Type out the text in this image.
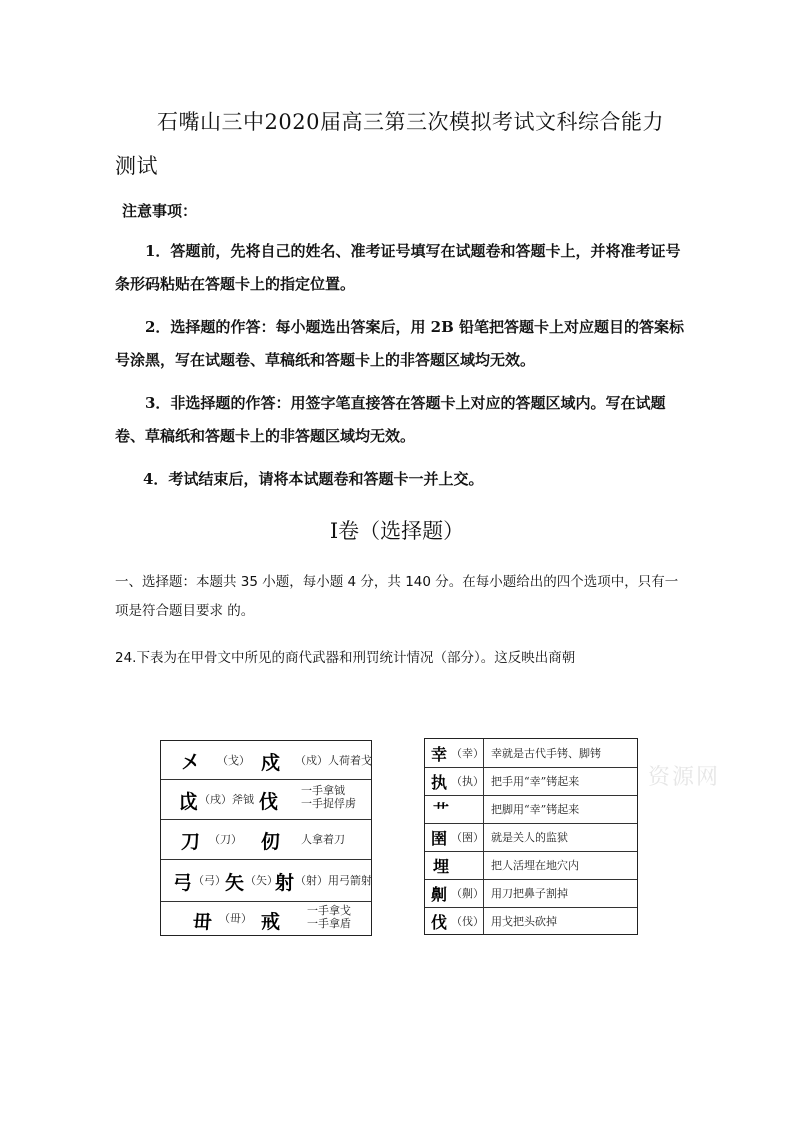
石嘴山三中2020届高三第三次模拟考试文科综合能力测试
注意事项：
1．答题前，先将自己的姓名、准考证号填写在试题卷和答题卡上，并将准考证号条形码粘贴在答题卡上的指定位置。
2．选择题的作答：每小题选出答案后，用 2B 铅笔把答题卡上对应题目的答案标号涂黑，写在试题卷、草稿纸和答题卡上的非答题区域均无效。
3．非选择题的作答：用签字笔直接答在答题卡上对应的答题区域内。写在试题卷、草稿纸和答题卡上的非答题区域均无效。
4．考试结束后，请将本试题卷和答题卡一并上交。
Ⅰ卷（选择题）
一、选择题：本题共 35 小题，每小题 4 分，共 140 分。在每小题给出的四个选项中，只有一项是符合题目要求 的。
24.下表为在甲骨文中所见的商代武器和刑罚统计情况（部分）。这反映出商朝
㐅 （戈） 戍 （戍）人荷着戈
戉 （戌）斧钺 伐
一手拿钺
一手捉俘虏
刀 （刀） 仞 人拿着刀
弓 （弓） 矢 （矢）
射 （射）用弓箭射
毌 （毌） 戒
一手拿戈
一手拿盾
幸 （幸） 幸就是古代手铐、脚铐
执 （执） 把手用“幸”铐起来
⺾	把脚用“幸”铐起来
圉 （圉） 就是关人的监狱
埋	把人活埋在地穴内
劓 （劓） 用刀把鼻子割掉
伐 （伐） 用戈把头砍掉
资源网
